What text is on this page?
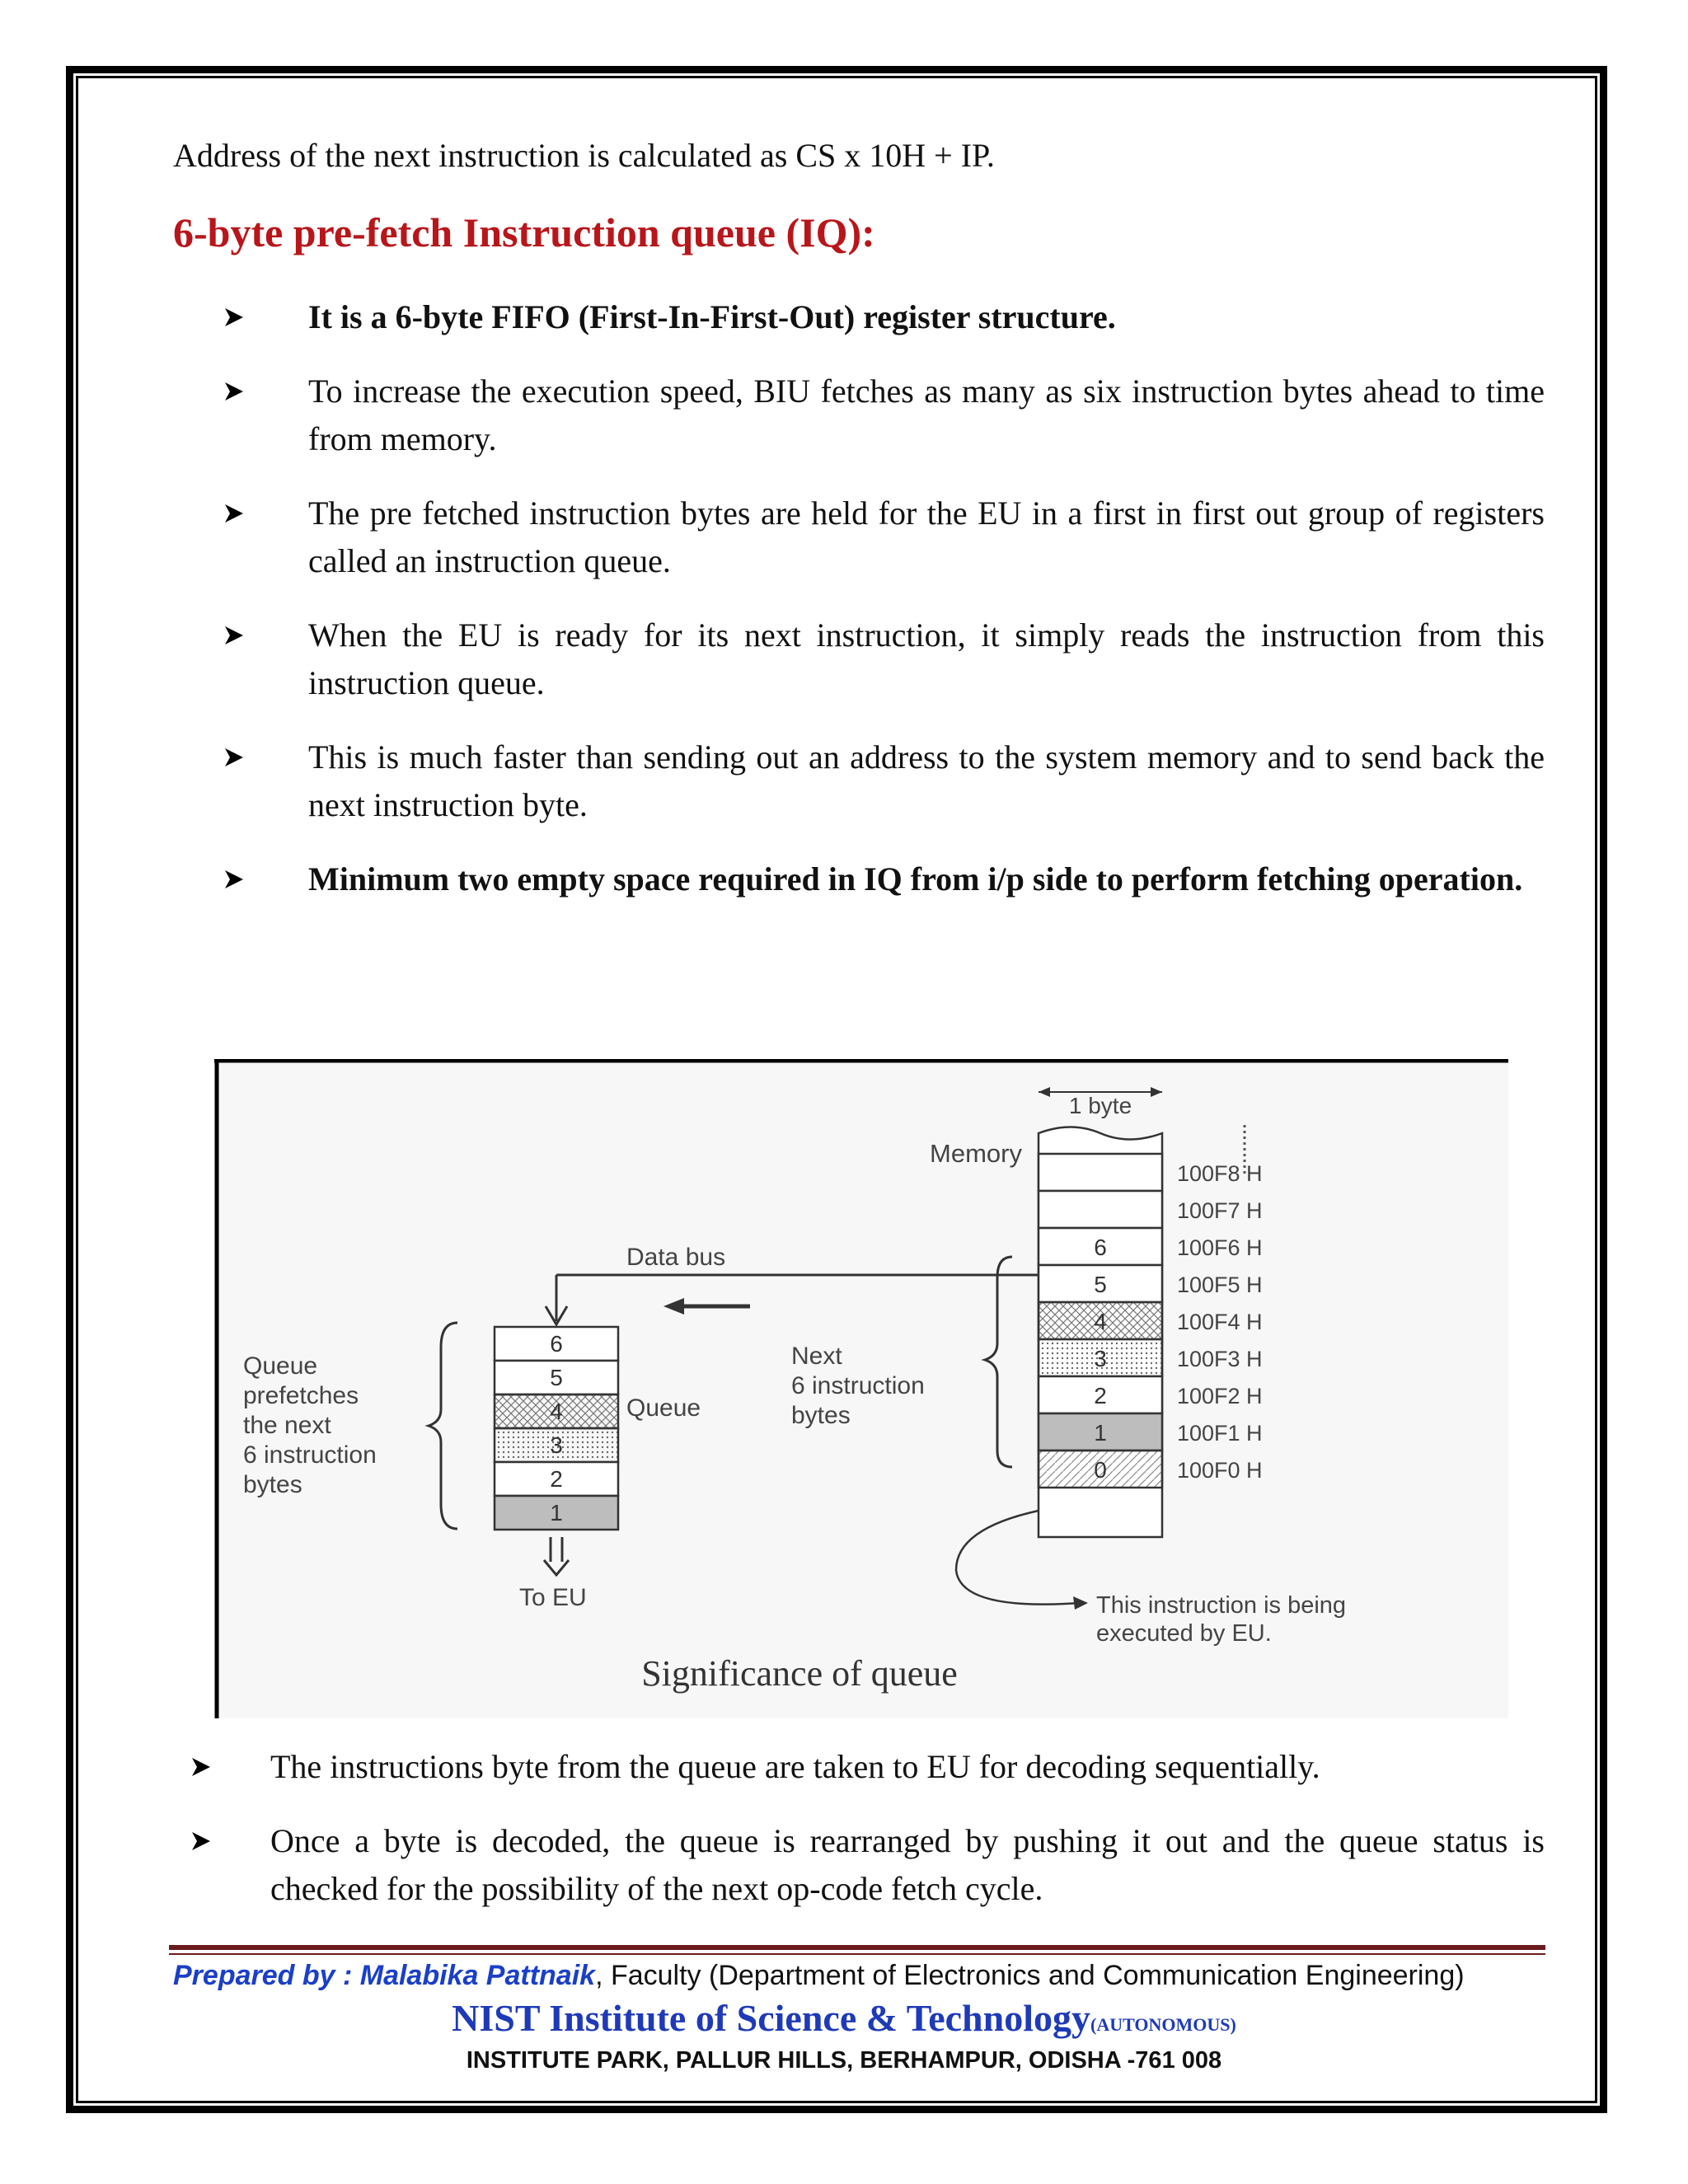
Address of the next instruction is calculated as CS x 10H + IP.
6-byte pre-fetch Instruction queue (IQ):
It is a 6-byte FIFO (First-In-First-Out) register structure.
To increase the execution speed, BIU fetches as many as six instruction bytes ahead to time from memory.
The pre fetched instruction bytes are held for the EU in a first in first out group of registers called an instruction queue.
When the EU is ready for its next instruction, it simply reads the instruction from this instruction queue.
This is much faster than sending out an address to the system memory and to send back the next instruction byte.
Minimum two empty space required in IQ from i/p side to perform fetching operation.
1 byte
Memory
100F8 H
100F7 H
6	100F6 H
5	100F5 H
4	100F4 H
3	100F3 H
2	100F2 H
1	100F1 H
0	100F0 H
Data bus
6
5
4
3
2
1
To EU
Queue
Queue prefetches the next 6 instruction bytes
Next 6 instruction bytes
This instruction is being executed by EU.
Significance of queue
The instructions byte from the queue are taken to EU for decoding sequentially.
Once a byte is decoded, the queue is rearranged by pushing it out and the queue status is checked for the possibility of the next op-code fetch cycle.
Prepared by : Malabika Pattnaik, Faculty (Department of Electronics and Communication Engineering)
NIST Institute of Science & Technology(AUTONOMOUS)
INSTITUTE PARK, PALLUR HILLS, BERHAMPUR, ODISHA -761 008
